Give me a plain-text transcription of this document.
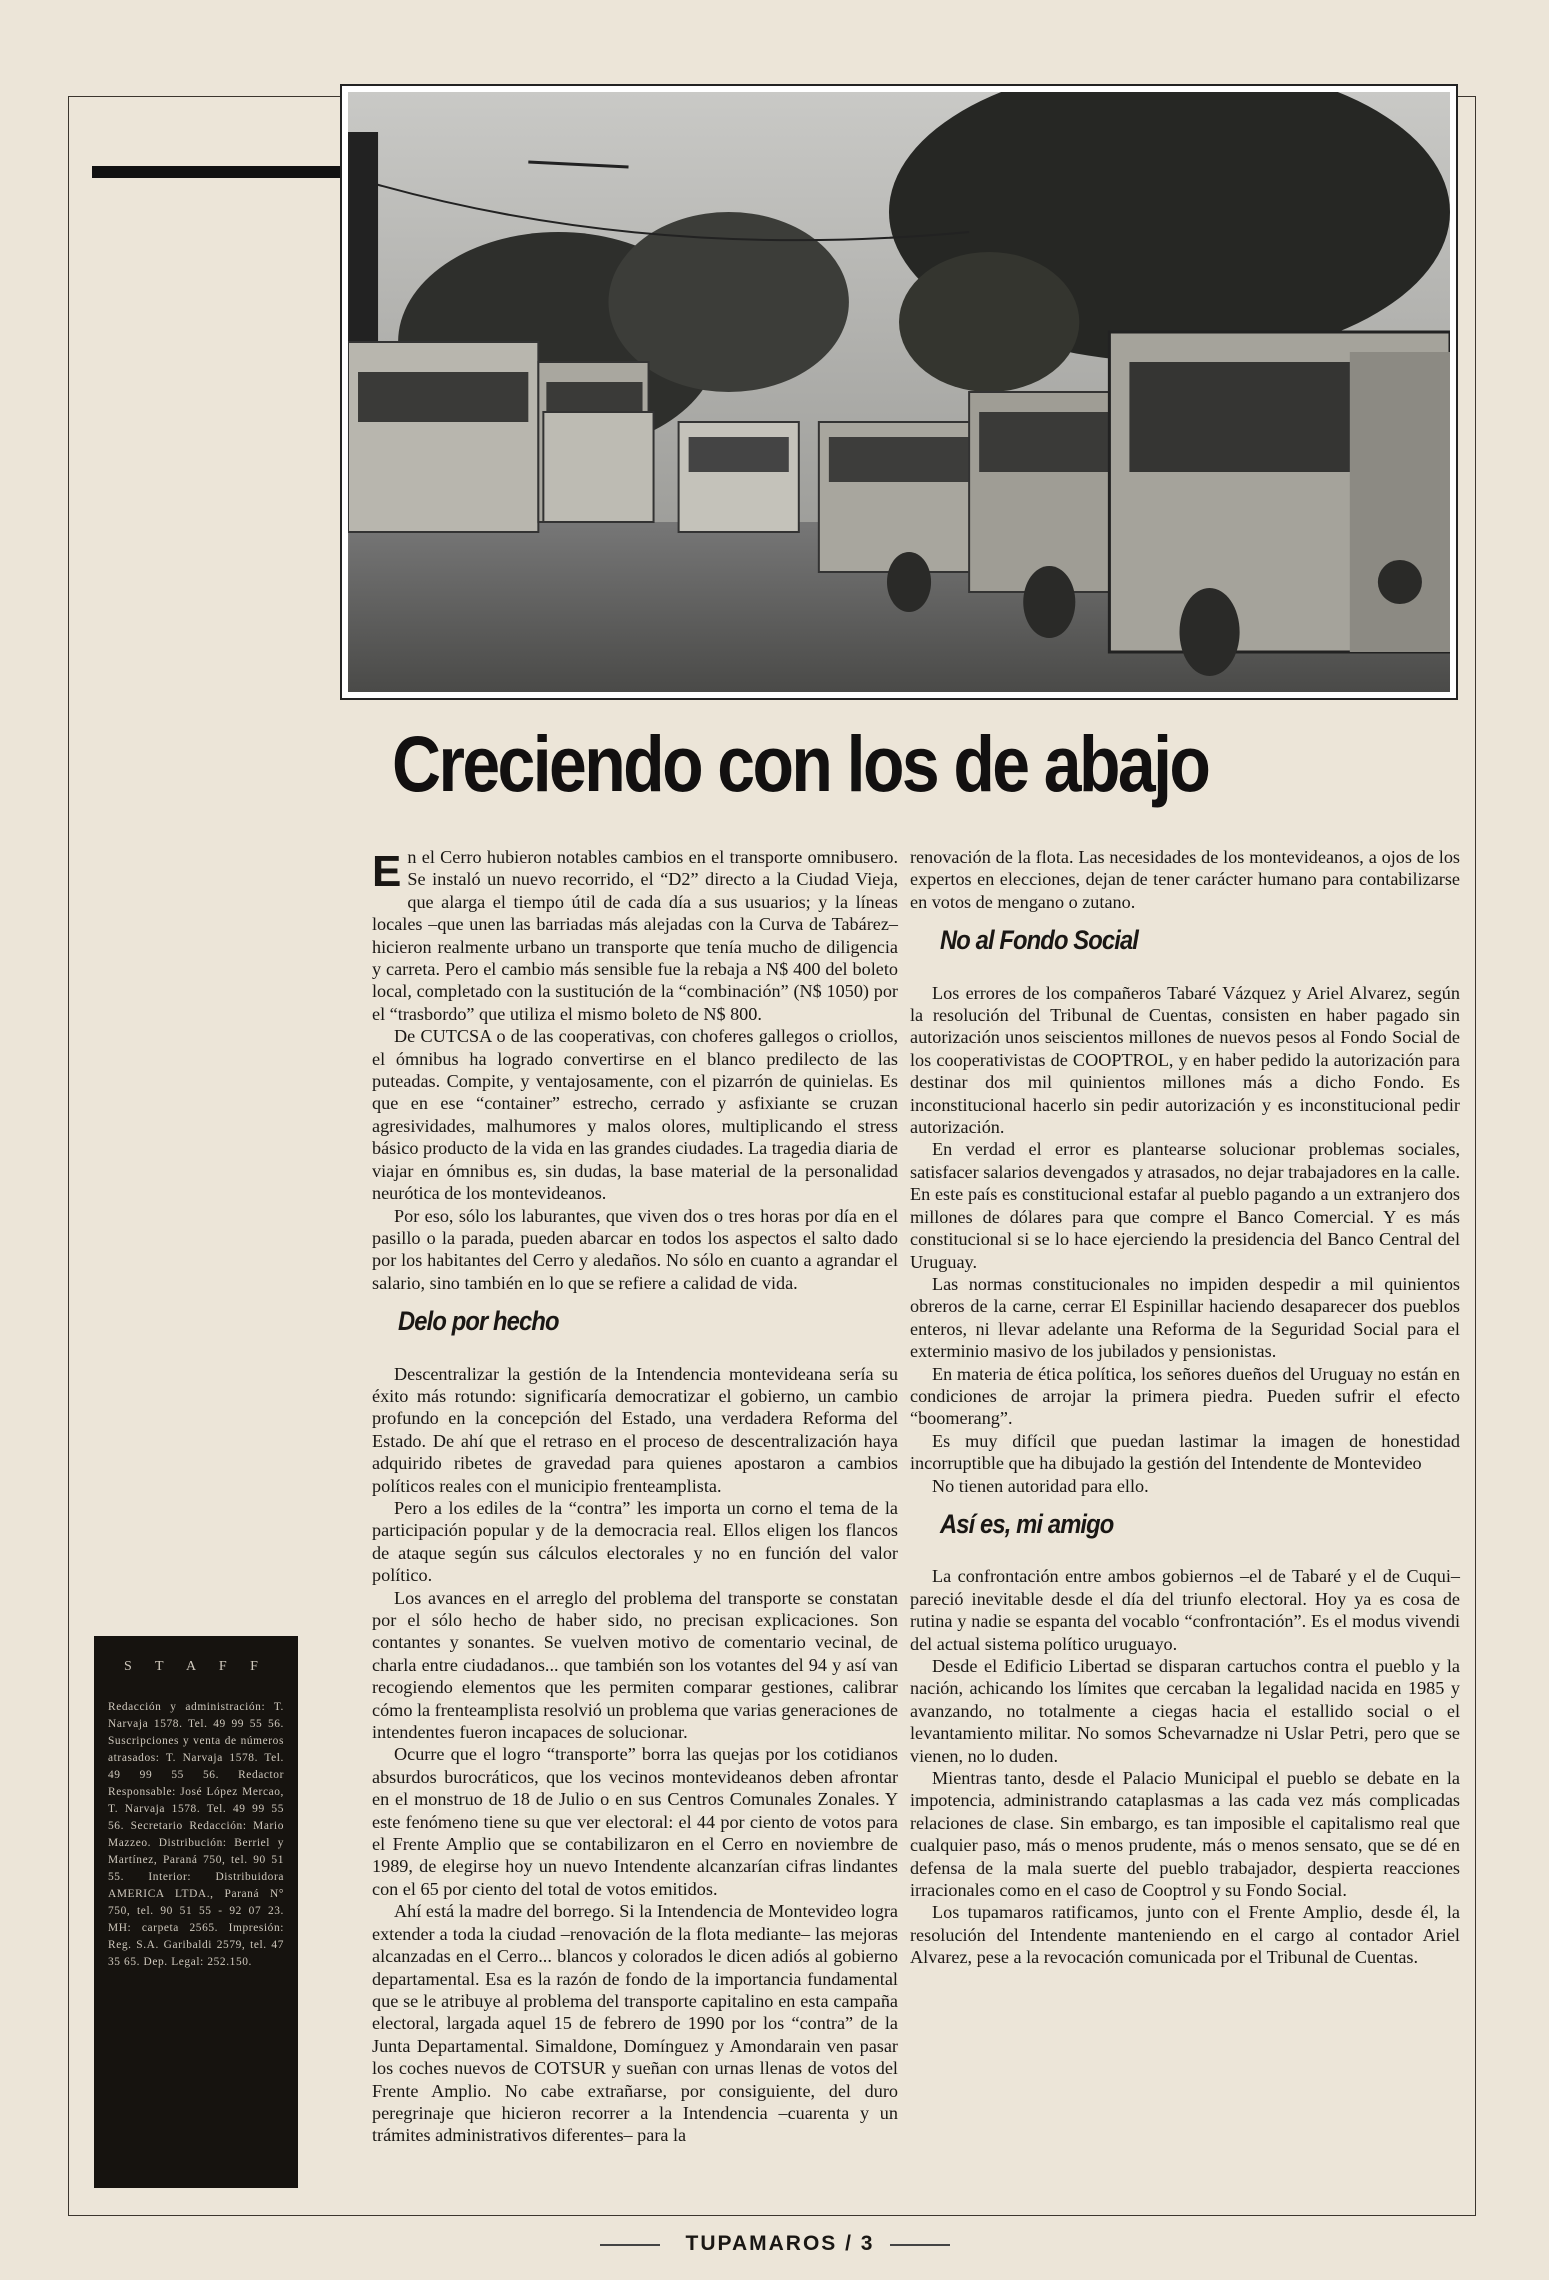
Creciendo con los de abajo

En el Cerro hubieron notables cambios en el transporte omnibusero. Se instaló un nuevo recorrido, el “D2” directo a la Ciudad Vieja, que alarga el tiempo útil de cada día a sus usuarios; y la líneas locales –que unen las barriadas más alejadas con la Curva de Tabárez– hicieron realmente urbano un transporte que tenía mucho de diligencia y carreta. Pero el cambio más sensible fue la rebaja a N$ 400 del boleto local, completado con la sustitución de la “combinación” (N$ 1050) por el “trasbordo” que utiliza el mismo boleto de N$ 800.

De CUTCSA o de las cooperativas, con choferes gallegos o criollos, el ómnibus ha logrado convertirse en el blanco predilecto de las puteadas. Compite, y ventajosamente, con el pizarrón de quinielas. Es que en ese “container” estrecho, cerrado y asfixiante se cruzan agresividades, malhumores y malos olores, multiplicando el stress básico producto de la vida en las grandes ciudades. La tragedia diaria de viajar en ómnibus es, sin dudas, la base material de la personalidad neurótica de los montevideanos.

Por eso, sólo los laburantes, que viven dos o tres horas por día en el pasillo o la parada, pueden abarcar en todos los aspectos el salto dado por los habitantes del Cerro y aledaños. No sólo en cuanto a agrandar el salario, sino también en lo que se refiere a calidad de vida.

Delo por hecho

Descentralizar la gestión de la Intendencia montevideana sería su éxito más rotundo: significaría democratizar el gobierno, un cambio profundo en la concepción del Estado, una verdadera Reforma del Estado. De ahí que el retraso en el proceso de descentralización haya adquirido ribetes de gravedad para quienes apostaron a cambios políticos reales con el municipio frenteamplista.

Pero a los ediles de la “contra” les importa un corno el tema de la participación popular y de la democracia real. Ellos eligen los flancos de ataque según sus cálculos electorales y no en función del valor político.

Los avances en el arreglo del problema del transporte se constatan por el sólo hecho de haber sido, no precisan explicaciones. Son contantes y sonantes. Se vuelven motivo de comentario vecinal, de charla entre ciudadanos... que también son los votantes del 94 y así van recogiendo elementos que les permiten comparar gestiones, calibrar cómo la frenteamplista resolvió un problema que varias generaciones de intendentes fueron incapaces de solucionar.

Ocurre que el logro “transporte” borra las quejas por los cotidianos absurdos burocráticos, que los vecinos montevideanos deben afrontar en el monstruo de 18 de Julio o en sus Centros Comunales Zonales. Y este fenómeno tiene su que ver electoral: el 44 por ciento de votos para el Frente Amplio que se contabilizaron en el Cerro en noviembre de 1989, de elegirse hoy un nuevo Intendente alcanzarían cifras lindantes con el 65 por ciento del total de votos emitidos.

Ahí está la madre del borrego. Si la Intendencia de Montevideo logra extender a toda la ciudad –renovación de la flota mediante– las mejoras alcanzadas en el Cerro... blancos y colorados le dicen adiós al gobierno departamental. Esa es la razón de fondo de la importancia fundamental que se le atribuye al problema del transporte capitalino en esta campaña electoral, largada aquel 15 de febrero de 1990 por los “contra” de la Junta Departamental. Simaldone, Domínguez y Amondarain ven pasar los coches nuevos de COTSUR y sueñan con urnas llenas de votos del Frente Amplio. No cabe extrañarse, por consiguiente, del duro peregrinaje que hicieron recorrer a la Intendencia –cuarenta y un trámites administrativos diferentes– para la

renovación de la flota. Las necesidades de los montevideanos, a ojos de los expertos en elecciones, dejan de tener carácter humano para contabilizarse en votos de mengano o zutano.

No al Fondo Social

Los errores de los compañeros Tabaré Vázquez y Ariel Alvarez, según la resolución del Tribunal de Cuentas, consisten en haber pagado sin autorización unos seiscientos millones de nuevos pesos al Fondo Social de los cooperativistas de COOPTROL, y en haber pedido la autorización para destinar dos mil quinientos millones más a dicho Fondo. Es inconstitucional hacerlo sin pedir autorización y es inconstitucional pedir autorización.

En verdad el error es plantearse solucionar problemas sociales, satisfacer salarios devengados y atrasados, no dejar trabajadores en la calle. En este país es constitucional estafar al pueblo pagando a un extranjero dos millones de dólares para que compre el Banco Comercial. Y es más constitucional si se lo hace ejerciendo la presidencia del Banco Central del Uruguay.

Las normas constitucionales no impiden despedir a mil quinientos obreros de la carne, cerrar El Espinillar haciendo desaparecer dos pueblos enteros, ni llevar adelante una Reforma de la Seguridad Social para el exterminio masivo de los jubilados y pensionistas.

En materia de ética política, los señores dueños del Uruguay no están en condiciones de arrojar la primera piedra. Pueden sufrir el efecto “boomerang”.

Es muy difícil que puedan lastimar la imagen de honestidad incorruptible que ha dibujado la gestión del Intendente de Montevideo

No tienen autoridad para ello.

Así es, mi amigo

La confrontación entre ambos gobiernos –el de Tabaré y el de Cuqui– pareció inevitable desde el día del triunfo electoral. Hoy ya es cosa de rutina y nadie se espanta del vocablo “confrontación”. Es el modus vivendi del actual sistema político uruguayo.

Desde el Edificio Libertad se disparan cartuchos contra el pueblo y la nación, achicando los límites que cercaban la legalidad nacida en 1985 y avanzando, no totalmente a ciegas hacia el estallido social o el levantamiento militar. No somos Schevarnadze ni Uslar Petri, pero que se vienen, no lo duden.

Mientras tanto, desde el Palacio Municipal el pueblo se debate en la impotencia, administrando cataplasmas a las cada vez más complicadas relaciones de clase. Sin embargo, es tan imposible el capitalismo real que cualquier paso, más o menos prudente, más o menos sensato, que se dé en defensa de la mala suerte del pueblo trabajador, despierta reacciones irracionales como en el caso de Cooptrol y su Fondo Social.

Los tupamaros ratificamos, junto con el Frente Amplio, desde él, la resolución del Intendente manteniendo en el cargo al contador Ariel Alvarez, pese a la revocación comunicada por el Tribunal de Cuentas.

S T A F F
Redacción y administración: T. Narvaja 1578. Tel. 49 99 55 56. Suscripciones y venta de números atrasados: T. Narvaja 1578. Tel. 49 99 55 56. Redactor Responsable: José López Mercao, T. Narvaja 1578. Tel. 49 99 55 56. Secretario Redacción: Mario Mazzeo. Distribución: Berriel y Martínez, Paraná 750, tel. 90 51 55. Interior: Distribuidora AMERICA LTDA., Paraná N° 750, tel. 90 51 55 - 92 07 23. MH: carpeta 2565. Impresión: Reg. S.A. Garibaldi 2579, tel. 47 35 65. Dep. Legal: 252.150.
TUPAMAROS / 3
